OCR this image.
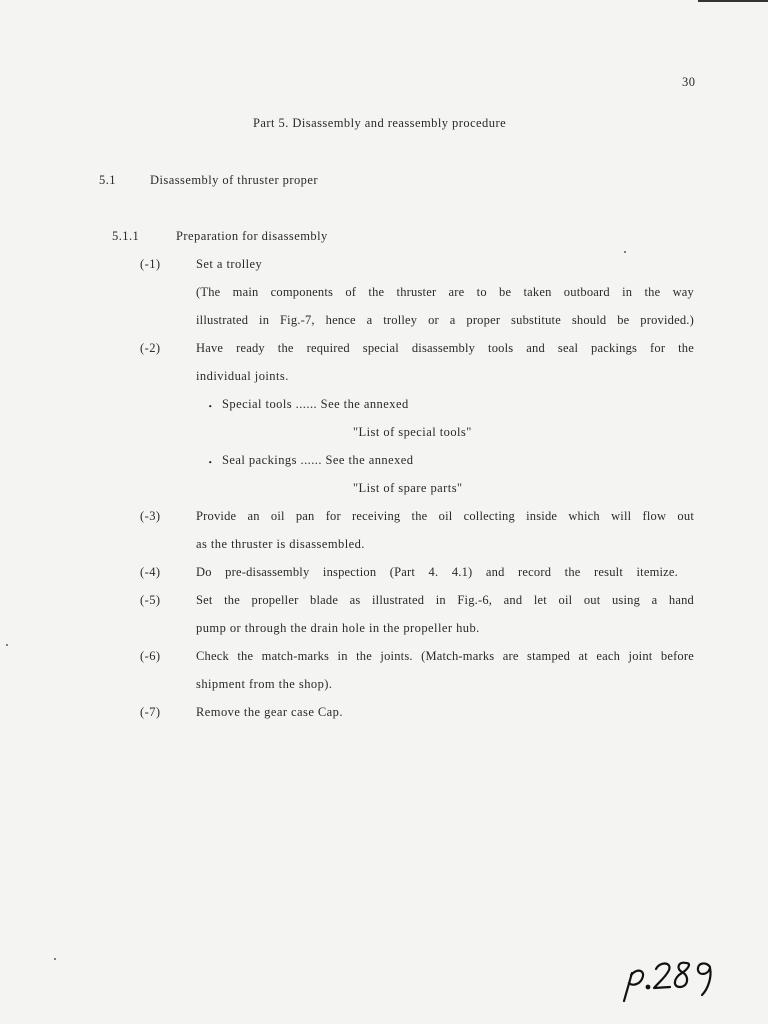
30
Part 5. Disassembly and reassembly procedure
5.1	Disassembly of thruster proper
5.1.1	Preparation for disassembly
(-1)	Set a trolley
(The main components of the thruster are to be taken outboard in the way
illustrated in Fig.-7, hence a trolley or a proper substitute should be provided.)
(-2)	Have ready the required special disassembly tools and seal packings for the
individual joints.
・ Special tools ...... See the annexed
"List of special tools"
・ Seal packings ...... See the annexed
"List of spare parts"
(-3)	Provide an oil pan for receiving the oil collecting inside which will flow out
as the thruster is disassembled.
(-4)	Do pre-disassembly inspection (Part 4. 4.1) and record the result itemize.
(-5)	Set the propeller blade as illustrated in Fig.-6, and let oil out using a hand
pump or through the drain hole in the propeller hub.
(-6)	Check the match-marks in the joints. (Match-marks are stamped at each joint before
shipment from the shop).
(-7)	Remove the gear case Cap.
